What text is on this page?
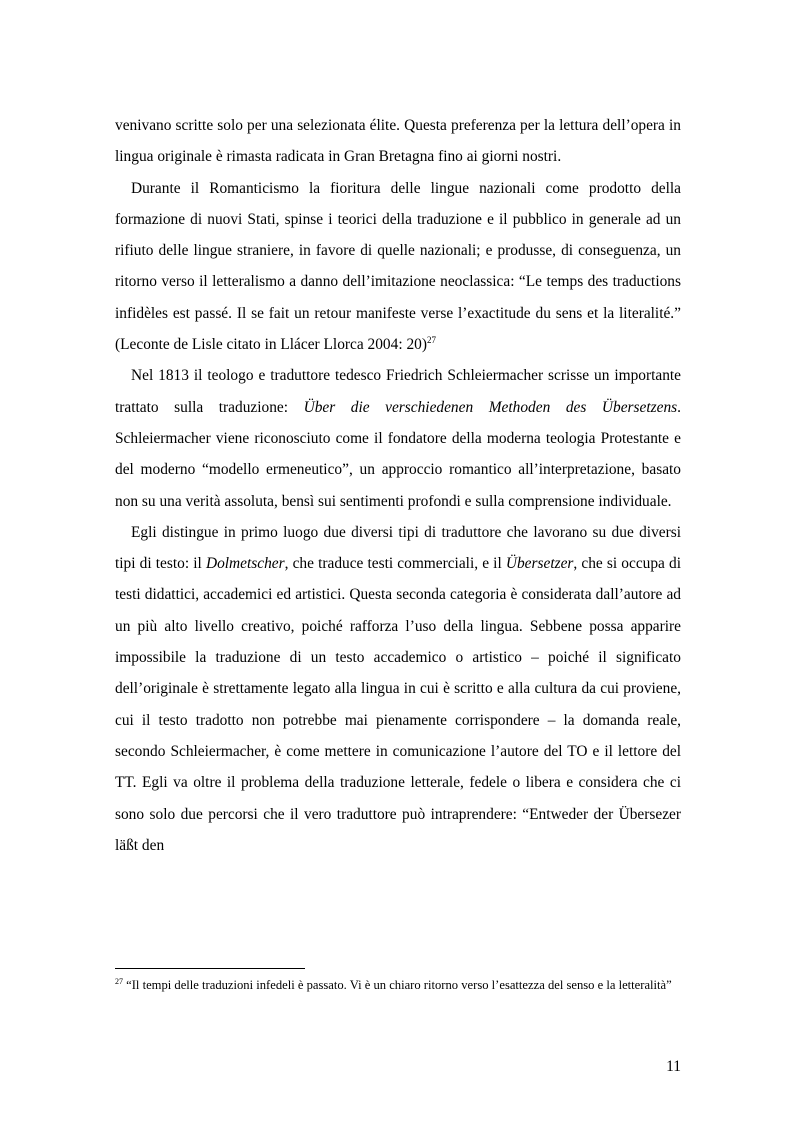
venivano scritte solo per una selezionata élite. Questa preferenza per la lettura dell’opera in lingua originale è rimasta radicata in Gran Bretagna fino ai giorni nostri.

Durante il Romanticismo la fioritura delle lingue nazionali come prodotto della formazione di nuovi Stati, spinse i teorici della traduzione e il pubblico in generale ad un rifiuto delle lingue straniere, in favore di quelle nazionali; e produsse, di conseguenza, un ritorno verso il letteralismo a danno dell’imitazione neoclassica: “Le temps des traductions infidèles est passé. Il se fait un retour manifeste verse l’exactitude du sens et la literalité.” (Leconte de Lisle citato in Llácer Llorca 2004: 20)$^{27}$

Nel 1813 il teologo e traduttore tedesco Friedrich Schleiermacher scrisse un importante trattato sulla traduzione: Über die verschiedenen Methoden des Übersetzens. Schleiermacher viene riconosciuto come il fondatore della moderna teologia Protestante e del moderno “modello ermeneutico”, un approccio romantico all’interpretazione, basato non su una verità assoluta, bensì sui sentimenti profondi e sulla comprensione individuale.

Egli distingue in primo luogo due diversi tipi di traduttore che lavorano su due diversi tipi di testo: il Dolmetscher, che traduce testi commerciali, e il Übersetzer, che si occupa di testi didattici, accademici ed artistici. Questa seconda categoria è considerata dall’autore ad un più alto livello creativo, poiché rafforza l’uso della lingua. Sebbene possa apparire impossibile la traduzione di un testo accademico o artistico – poiché il significato dell’originale è strettamente legato alla lingua in cui è scritto e alla cultura da cui proviene, cui il testo tradotto non potrebbe mai pienamente corrispondere – la domanda reale, secondo Schleiermacher, è come mettere in comunicazione l’autore del TO e il lettore del TT. Egli va oltre il problema della traduzione letterale, fedele o libera e considera che ci sono solo due percorsi che il vero traduttore può intraprendere: “Entweder der Übersezer läßt den

$^{27}$ “Il tempi delle traduzioni infedeli è passato. Vi è un chiaro ritorno verso l’esattezza del senso e la letteralità”
11
